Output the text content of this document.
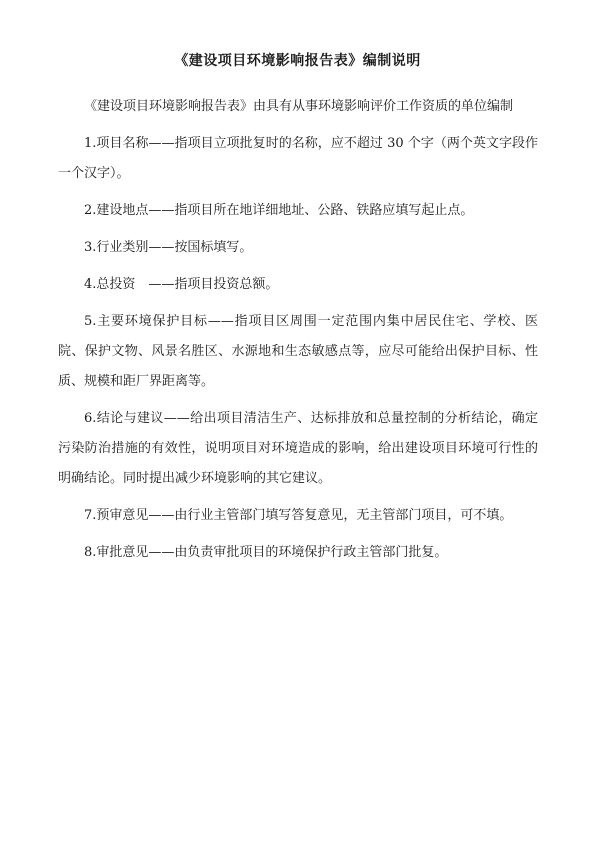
《建设项目环境影响报告表》编制说明

《建设项目环境影响报告表》由具有从事环境影响评价工作资质的单位编制

1.项目名称——指项目立项批复时的名称，应不超过 30 个字（两个英文字段作一个汉字）。

2.建设地点——指项目所在地详细地址、公路、铁路应填写起止点。

3.行业类别——按国标填写。

4.总投资　——指项目投资总额。

5.主要环境保护目标——指项目区周围一定范围内集中居民住宅、学校、医院、保护文物、风景名胜区、水源地和生态敏感点等，应尽可能给出保护目标、性质、规模和距厂界距离等。

6.结论与建议——给出项目清洁生产、达标排放和总量控制的分析结论，确定污染防治措施的有效性，说明项目对环境造成的影响，给出建设项目环境可行性的明确结论。同时提出减少环境影响的其它建议。

7.预审意见——由行业主管部门填写答复意见，无主管部门项目，可不填。

8.审批意见——由负责审批项目的环境保护行政主管部门批复。
